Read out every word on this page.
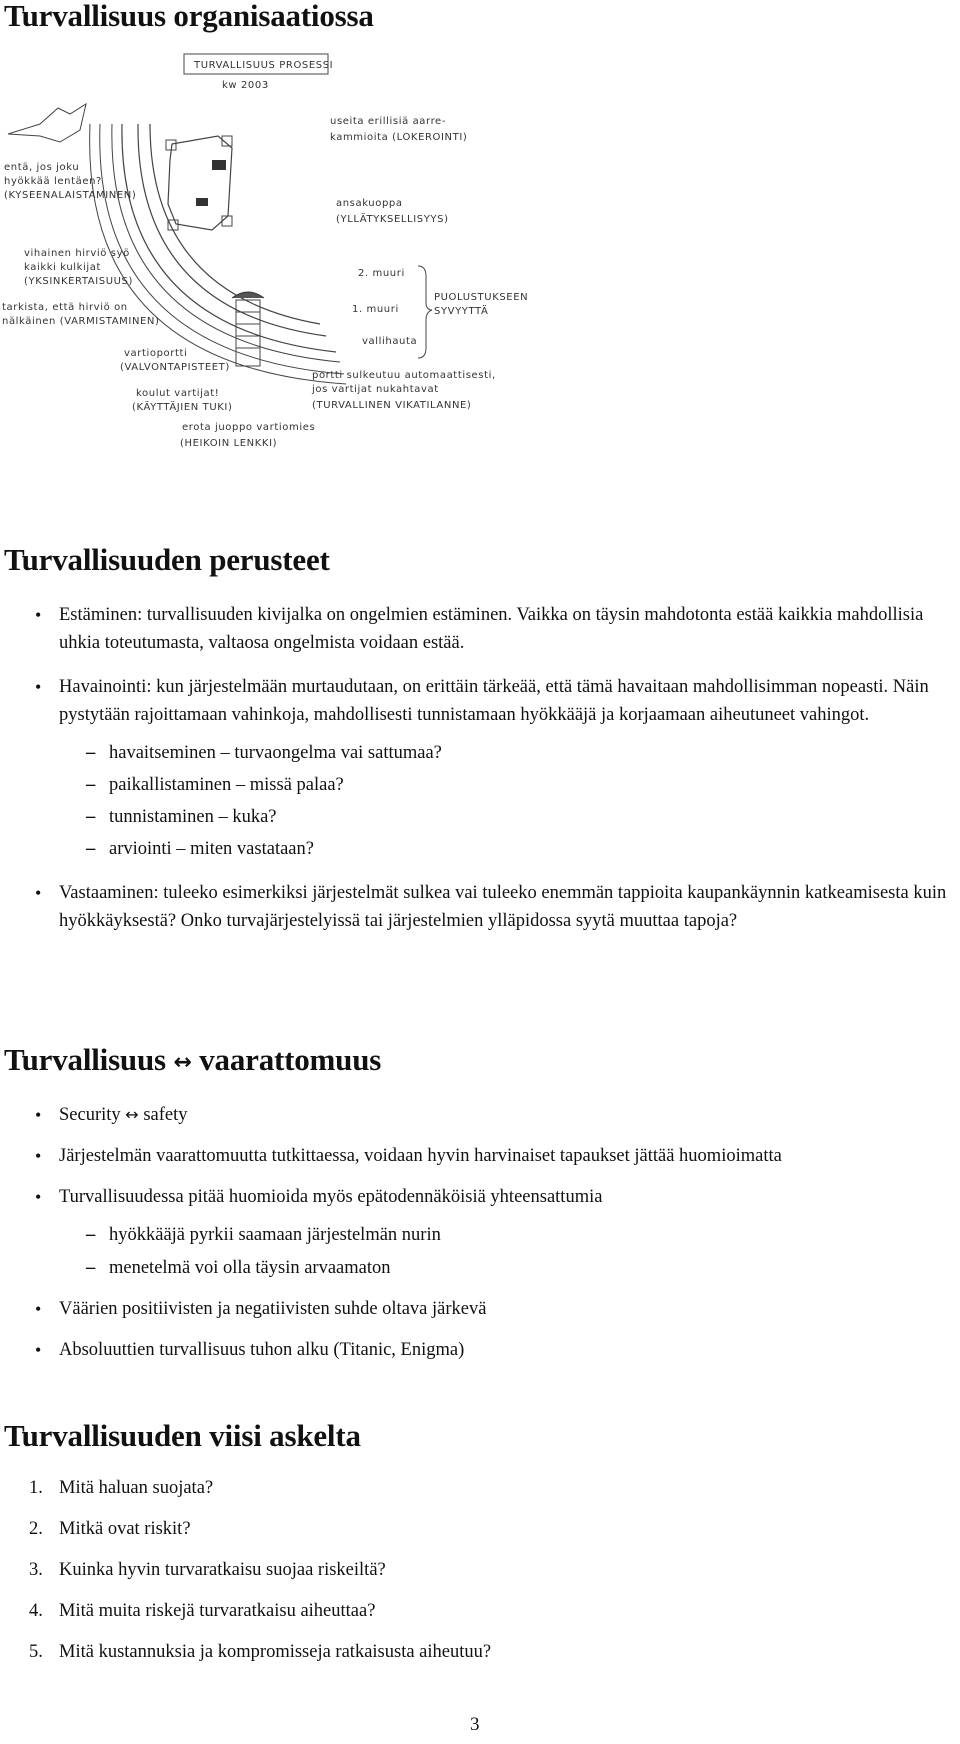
Turvallisuus organisaatiossa
TURVALLISUUS PROSESSI
kw 2003
useita erillisiä aarre-
kammioita (LOKEROINTI)
entä, jos joku
hyökkää lentäen?
(KYSEENALAISTAMINEN)
ansakuoppa
(YLLÄTYKSELLISYYS)
vihainen hirviö syö
kaikki kulkijat
(YKSINKERTAISUUS)
2. muuri
1. muuri
PUOLUSTUKSEEN
SYVYYTTÄ
tarkista, että hirviö on
nälkäinen (VARMISTAMINEN)
vallihauta
vartioportti
(VALVONTAPISTEET)
portti sulkeutuu automaattisesti,
jos vartijat nukahtavat
(TURVALLINEN VIKATILANNE)
koulut vartijat!
(KÄYTTÄJIEN TUKI)
erota juoppo vartiomies
(HEIKOIN LENKKI)
Turvallisuuden perusteet
• Estäminen: turvallisuuden kivijalka on ongelmien estäminen. Vaikka on täysin mahdotonta estää kaikkia mahdollisia uhkia toteutumasta, valtaosa ongelmista voidaan estää.
• Havainointi: kun järjestelmään murtaudutaan, on erittäin tärkeää, että tämä havaitaan mahdollisimman nopeasti. Näin pystytään rajoittamaan vahinkoja, mahdollisesti tunnistamaan hyökkääjä ja korjaamaan aiheutuneet vahingot.
– havaitseminen – turvaongelma vai sattumaa?
– paikallistaminen – missä palaa?
– tunnistaminen – kuka?
– arviointi – miten vastataan?
• Vastaaminen: tuleeko esimerkiksi järjestelmät sulkea vai tuleeko enemmän tappioita kaupankäynnin katkeamisesta kuin hyökkäyksestä? Onko turvajärjestelyissä tai järjestelmien ylläpidossa syytä muuttaa tapoja?
Turvallisuus ↔ vaarattomuus
• Security ↔ safety
• Järjestelmän vaarattomuutta tutkittaessa, voidaan hyvin harvinaiset tapaukset jättää huomioimatta
• Turvallisuudessa pitää huomioida myös epätodennäköisiä yhteensattumia
– hyökkääjä pyrkii saamaan järjestelmän nurin
– menetelmä voi olla täysin arvaamaton
• Väärien positiivisten ja negatiivisten suhde oltava järkevä
• Absoluuttien turvallisuus tuhon alku (Titanic, Enigma)
Turvallisuuden viisi askelta
1. Mitä haluan suojata?
2. Mitkä ovat riskit?
3. Kuinka hyvin turvaratkaisu suojaa riskeiltä?
4. Mitä muita riskejä turvaratkaisu aiheuttaa?
5. Mitä kustannuksia ja kompromisseja ratkaisusta aiheutuu?
3
